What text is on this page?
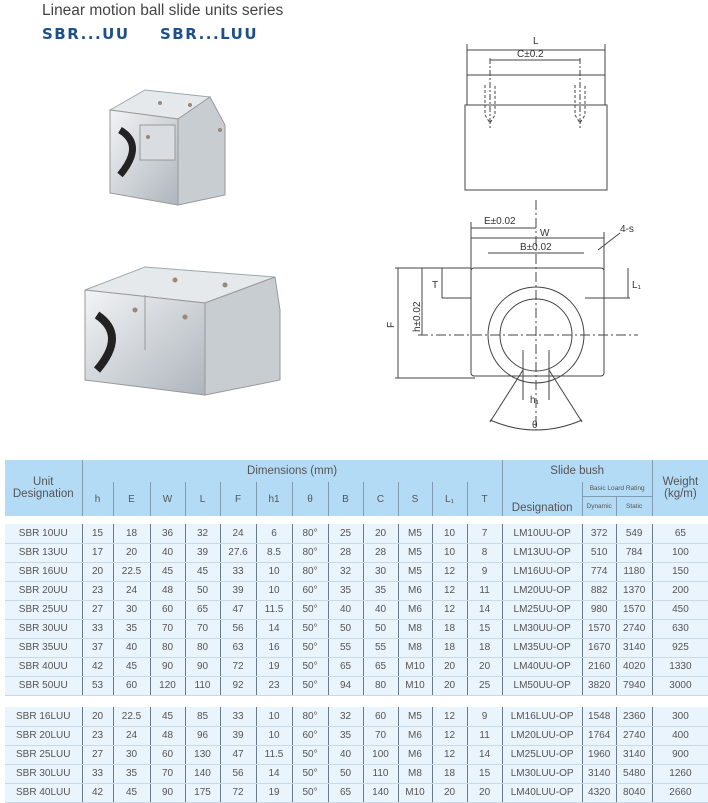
Linear motion ball slide units series
SBR...UU SBR...LUU	L
C±0.2
E±0.02
W
B±0.02
4-s
T	L₁
h±0.02
F
h₁
θ
Unit Designation	Dimensions (mm)												Slide bush			Weight (kg/m)
	h	E	W	L	F	h1	θ	B	C	S	L₁	T	Designation	Basic Loard Rating		
														Dynamic	Static	

SBR 10UU	15	18	36	32	24	6	80°	25	20	M5	10	7	LM10UU-OP	372	549	65
SBR 13UU	17	20	40	39	27.6	8.5	80°	28	28	M5	10	8	LM13UU-OP	510	784	100
SBR 16UU	20	22.5	45	45	33	10	80°	32	30	M5	12	9	LM16UU-OP	774	1180	150
SBR 20UU	23	24	48	50	39	10	60°	35	35	M6	12	11	LM20UU-OP	882	1370	200
SBR 25UU	27	30	60	65	47	11.5	50°	40	40	M6	12	14	LM25UU-OP	980	1570	450
SBR 30UU	33	35	70	70	56	14	50°	50	50	M8	18	15	LM30UU-OP	1570	2740	630
SBR 35UU	37	40	80	80	63	16	50°	55	55	M8	18	18	LM35UU-OP	1670	3140	925
SBR 40UU	42	45	90	90	72	19	50°	65	65	M10	20	20	LM40UU-OP	2160	4020	1330
SBR 50UU	53	60	120	110	92	23	50°	94	80	M10	20	25	LM50UU-OP	3820	7940	3000

SBR 16LUU	20	22.5	45	85	33	10	80°	32	60	M5	12	9	LM16LUU-OP	1548	2360	300
SBR 20LUU	23	24	48	96	39	10	60°	35	70	M6	12	11	LM20LUU-OP	1764	2740	400
SBR 25LUU	27	30	60	130	47	11.5	50°	40	100	M6	12	14	LM25LUU-OP	1960	3140	900
SBR 30LUU	33	35	70	140	56	14	50°	50	110	M8	18	15	LM30LUU-OP	3140	5480	1260
SBR 40LUU	42	45	90	175	72	19	50°	65	140	M10	20	20	LM40LUU-OP	4320	8040	2660
